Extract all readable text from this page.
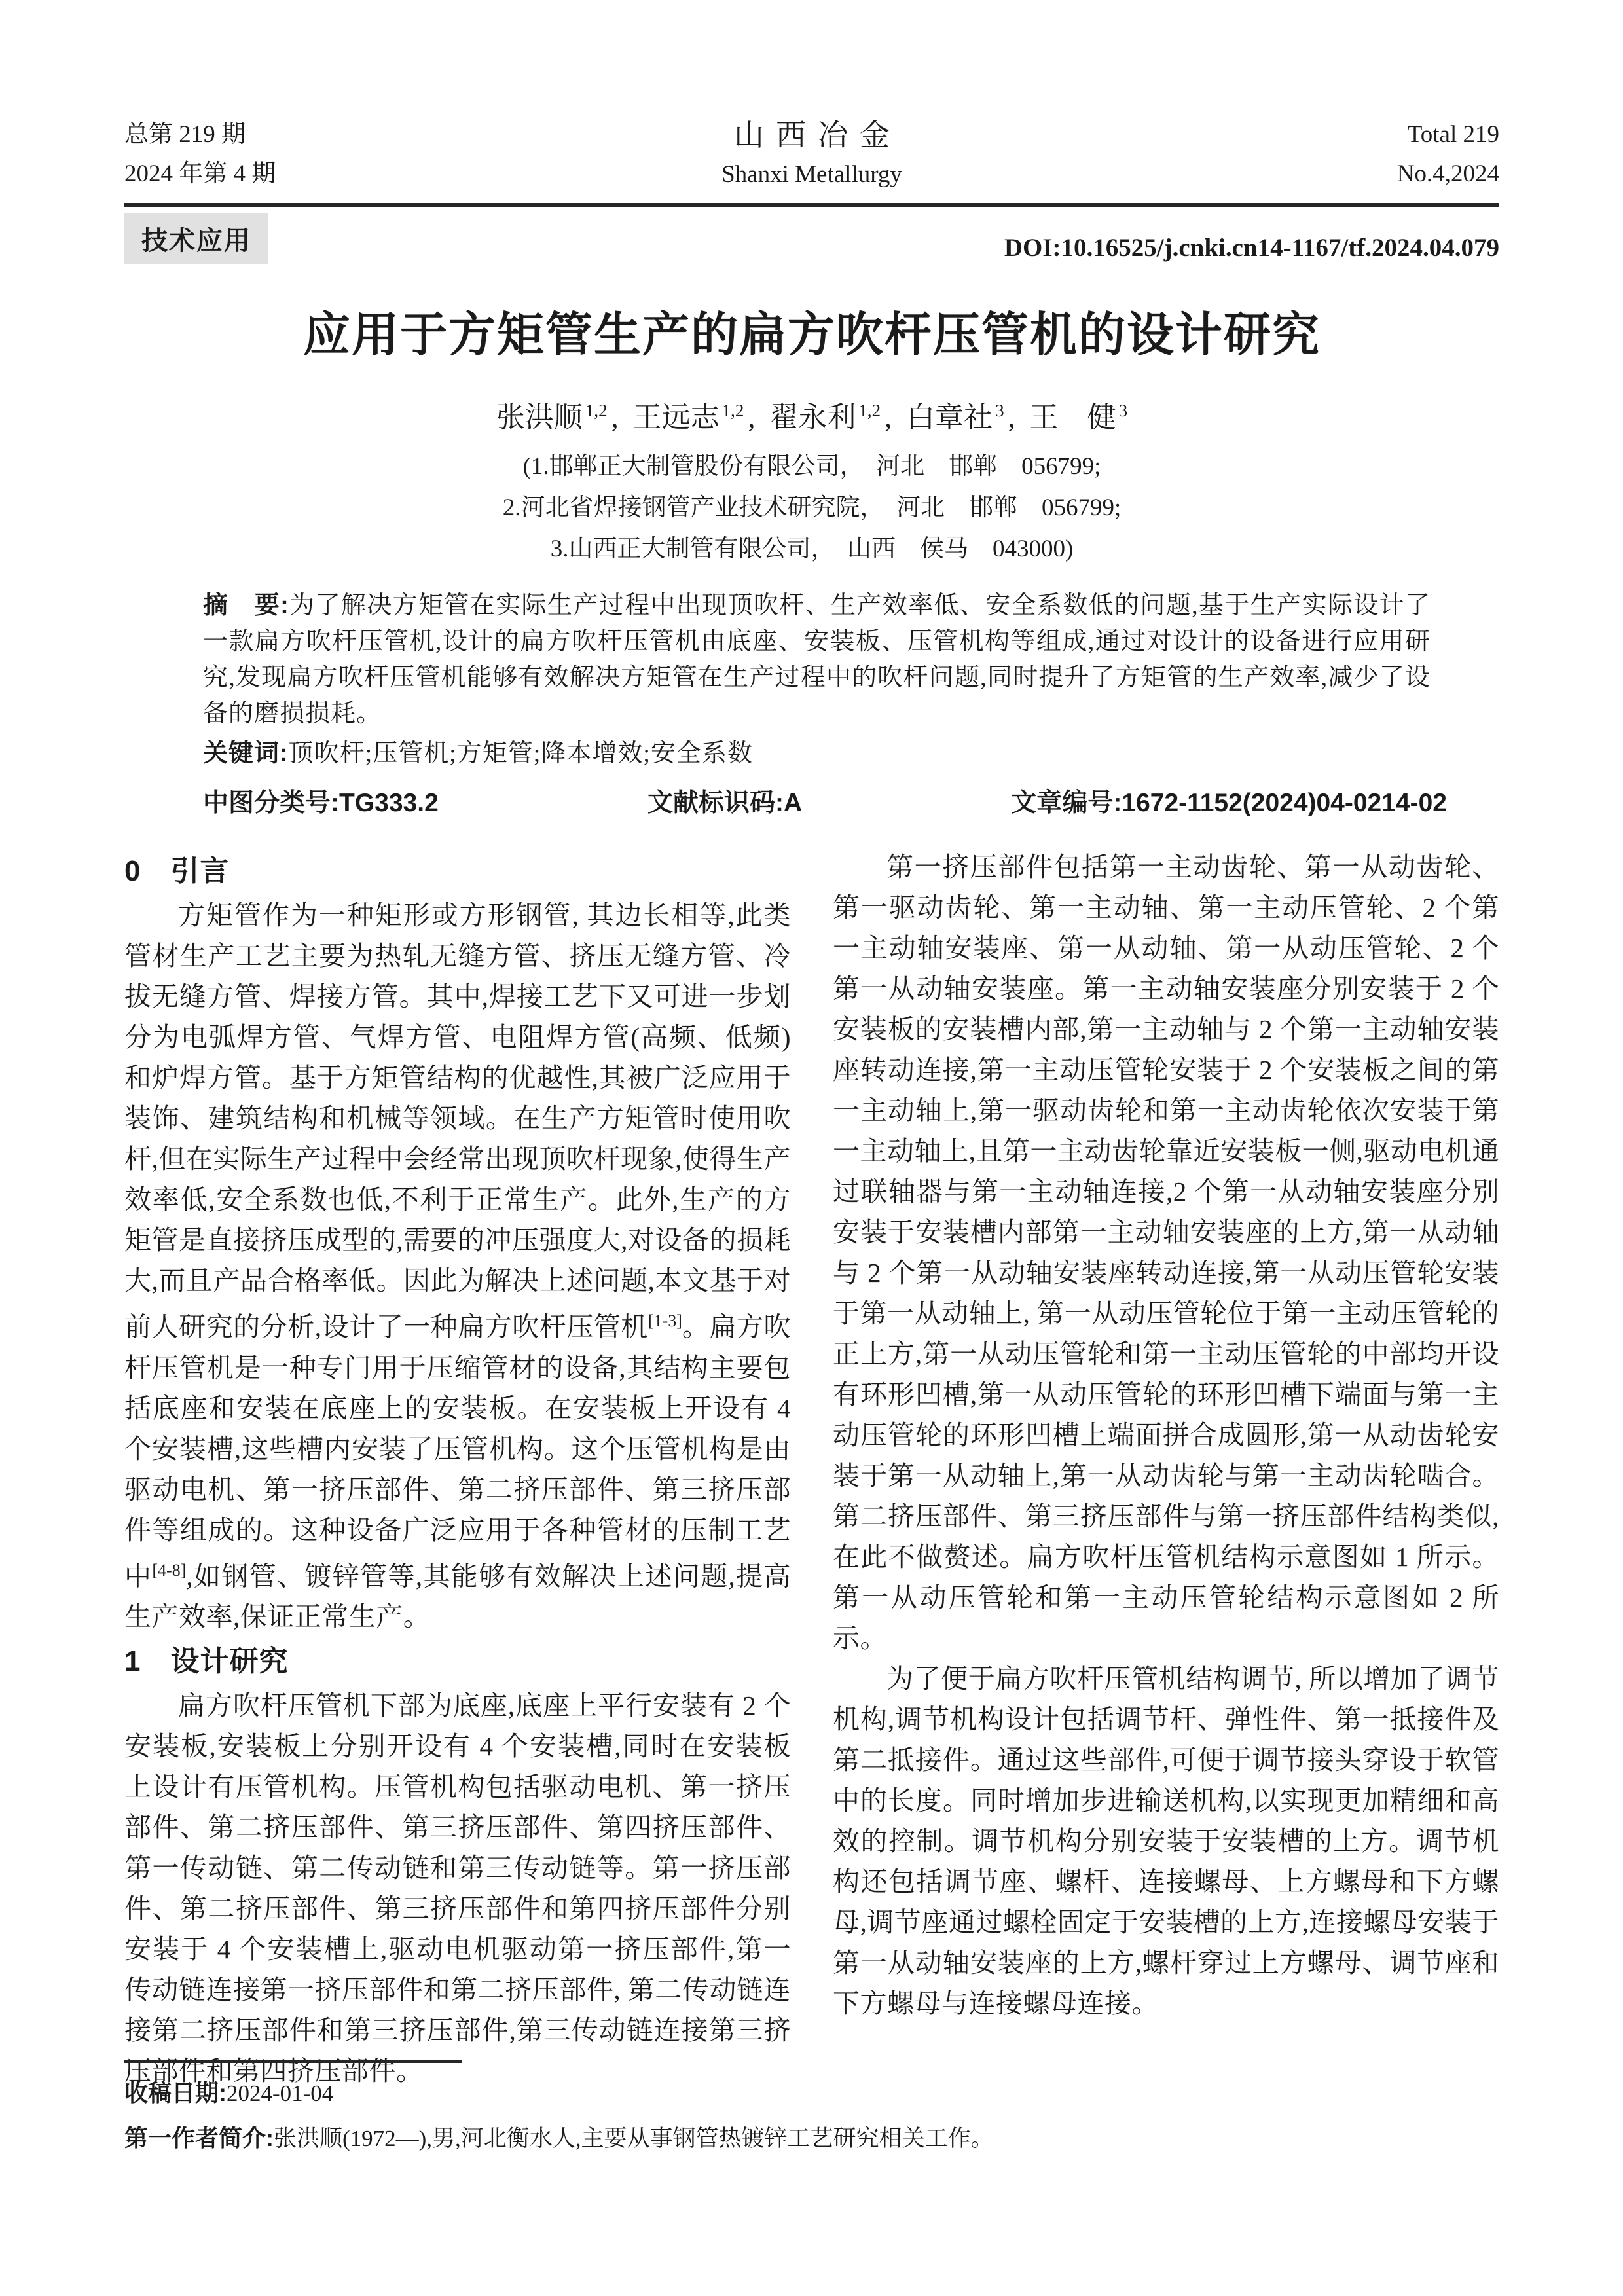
总第 219 期
2024 年第 4 期
山西冶金
Shanxi Metallurgy
Total 219
No.4,2024
技术应用	DOI:10.16525/j.cnki.cn14-1167/tf.2024.04.079
应用于方矩管生产的扁方吹杆压管机的设计研究
张洪顺 $^{1,2}$ , 王远志 $^{1,2}$ , 翟永利 $^{1,2}$ , 白章社 $^3$ , 王　健 $^3$
(1.邯郸正大制管股份有限公司，　河北　邯郸　056799;
2.河北省焊接钢管产业技术研究院，　河北　邯郸　056799;
3.山西正大制管有限公司，　山西　侯马　043000)
摘　要:为了解决方矩管在实际生产过程中出现顶吹杆、生产效率低、安全系数低的问题,基于生产实际设计了一款扁方吹杆压管机,设计的扁方吹杆压管机由底座、安装板、压管机构等组成,通过对设计的设备进行应用研究,发现扁方吹杆压管机能够有效解决方矩管在生产过程中的吹杆问题,同时提升了方矩管的生产效率,减少了设备的磨损损耗。
关键词:顶吹杆;压管机;方矩管;降本增效;安全系数
中图分类号:TG333.2	文献标识码:A	文章编号:1672-1152(2024)04-0214-02
0　引言

方矩管作为一种矩形或方形钢管, 其边长相等,此类管材生产工艺主要为热轧无缝方管、挤压无缝方管、冷拔无缝方管、焊接方管。其中,焊接工艺下又可进一步划分为电弧焊方管、气焊方管、电阻焊方管(高频、低频)和炉焊方管。基于方矩管结构的优越性,其被广泛应用于装饰、建筑结构和机械等领域。在生产方矩管时使用吹杆,但在实际生产过程中会经常出现顶吹杆现象,使得生产效率低,安全系数也低,不利于正常生产。此外,生产的方矩管是直接挤压成型的,需要的冲压强度大,对设备的损耗大,而且产品合格率低。因此为解决上述问题,本文基于对前人研究的分析,设计了一种扁方吹杆压管机[1-3]。扁方吹杆压管机是一种专门用于压缩管材的设备,其结构主要包括底座和安装在底座上的安装板。在安装板上开设有 4 个安装槽,这些槽内安装了压管机构。这个压管机构是由驱动电机、第一挤压部件、第二挤压部件、第三挤压部件等组成的。这种设备广泛应用于各种管材的压制工艺中[4-8],如钢管、镀锌管等,其能够有效解决上述问题,提高生产效率,保证正常生产。

1　设计研究

扁方吹杆压管机下部为底座,底座上平行安装有 2 个安装板,安装板上分别开设有 4 个安装槽,同时在安装板上设计有压管机构。压管机构包括驱动电机、第一挤压部件、第二挤压部件、第三挤压部件、第四挤压部件、第一传动链、第二传动链和第三传动链等。第一挤压部件、第二挤压部件、第三挤压部件和第四挤压部件分别安装于 4 个安装槽上,驱动电机驱动第一挤压部件,第一传动链连接第一挤压部件和第二挤压部件, 第二传动链连接第二挤压部件和第三挤压部件,第三传动链连接第三挤压部件和第四挤压部件。

第一挤压部件包括第一主动齿轮、第一从动齿轮、第一驱动齿轮、第一主动轴、第一主动压管轮、2 个第一主动轴安装座、第一从动轴、第一从动压管轮、2 个第一从动轴安装座。第一主动轴安装座分别安装于 2 个安装板的安装槽内部,第一主动轴与 2 个第一主动轴安装座转动连接,第一主动压管轮安装于 2 个安装板之间的第一主动轴上,第一驱动齿轮和第一主动齿轮依次安装于第一主动轴上,且第一主动齿轮靠近安装板一侧,驱动电机通过联轴器与第一主动轴连接,2 个第一从动轴安装座分别安装于安装槽内部第一主动轴安装座的上方,第一从动轴与 2 个第一从动轴安装座转动连接,第一从动压管轮安装于第一从动轴上, 第一从动压管轮位于第一主动压管轮的正上方,第一从动压管轮和第一主动压管轮的中部均开设有环形凹槽,第一从动压管轮的环形凹槽下端面与第一主动压管轮的环形凹槽上端面拼合成圆形,第一从动齿轮安装于第一从动轴上,第一从动齿轮与第一主动齿轮啮合。第二挤压部件、第三挤压部件与第一挤压部件结构类似,在此不做赘述。扁方吹杆压管机结构示意图如 1 所示。第一从动压管轮和第一主动压管轮结构示意图如 2 所示。

为了便于扁方吹杆压管机结构调节, 所以增加了调节机构,调节机构设计包括调节杆、弹性件、第一抵接件及第二抵接件。通过这些部件,可便于调节接头穿设于软管中的长度。同时增加步进输送机构,以实现更加精细和高效的控制。调节机构分别安装于安装槽的上方。调节机构还包括调节座、螺杆、连接螺母、上方螺母和下方螺母,调节座通过螺栓固定于安装槽的上方,连接螺母安装于第一从动轴安装座的上方,螺杆穿过上方螺母、调节座和下方螺母与连接螺母连接。

收稿日期:2024-01-04
第一作者简介:张洪顺(1972—),男,河北衡水人,主要从事钢管热镀锌工艺研究相关工作。
